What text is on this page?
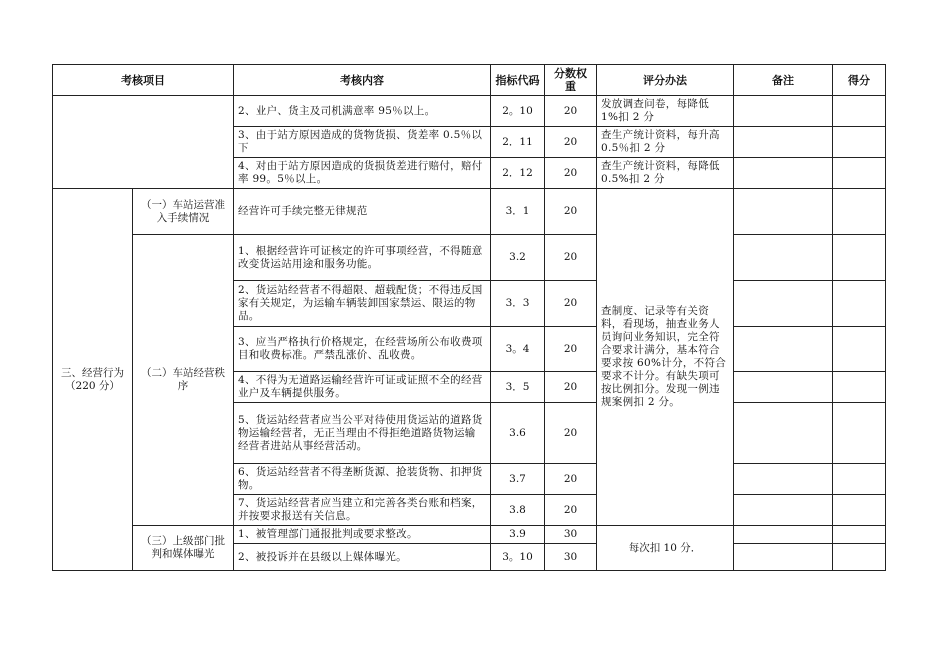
考核项目		考核内容	指标代码	分数权重	评分办法	备注	得分
		2、业户、货主及司机满意率 95％以上。	2。10	20	发放调查问卷，每降低 1%扣 2 分		
		3、由于站方原因造成的货物货损、货差率 0.5％以下	2．11	20	查生产统计资料，每升高 0.5％扣 2 分		
		4、对由于站方原因造成的货损货差进行赔付，赔付率 99。5％以上。	2．12	20	查生产统计资料，每降低 0.5%扣 2 分		
三、经营行为（220 分）	（一）车站运营准入手续情况	经营许可手续完整无律规范	3．1	20	查制度、记录等有关资料，看现场，抽查业务人员询问业务知识，完全符合要求计满分，基本符合要求按 60%计分，不符合要求不计分。有缺失项可按比例扣分。发现一例违规案例扣 2 分。		
	（二）车站经营秩序	1、根据经营许可证核定的许可事项经营，不得随意改变货运站用途和服务功能。	3.2	20			
		2、货运站经营者不得超限、超载配货；不得违反国家有关规定，为运输车辆装卸国家禁运、限运的物品。	3．3	20			
		3、应当严格执行价格规定，在经营场所公布收费项目和收费标准。严禁乱涨价、乱收费。	3。4	20			
		4、不得为无道路运输经营许可证或证照不全的经营业户及车辆提供服务。	3．5	20			
		5、货运站经营者应当公平对待使用货运站的道路货物运输经营者，无正当理由不得拒绝道路货物运输经营者进站从事经营活动。	3.6	20			
		6、货运站经营者不得垄断货源、抢装货物、扣押货物。	3.7	20			
		7、货运站经营者应当建立和完善各类台账和档案，并按要求报送有关信息。	3.8	20			
	（三）上级部门批判和媒体曝光	1、被管理部门通报批判或要求整改。	3.9	30	每次扣 10 分．		
		2、被投诉并在县级以上媒体曝光。	3。10	30			
